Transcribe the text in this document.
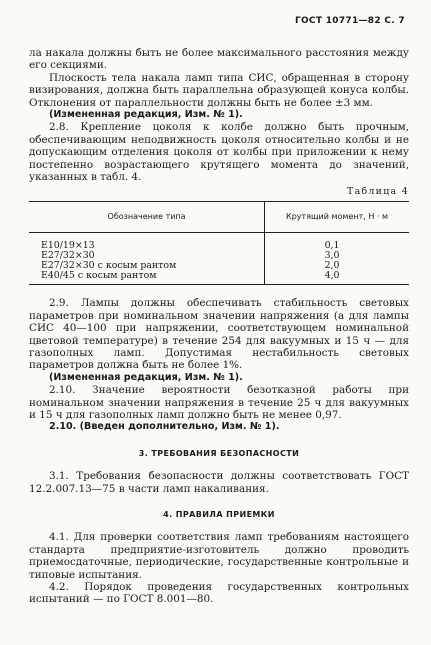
ГОСТ 10771—82 С. 7

ла накала должны быть не более максимального расстояния между его секциями.

Плоскость тела накала ламп типа СИС, обращенная в сторону визирования, должна быть параллельна образующей конуса колбы. Отклонения от параллельности должны быть не более ±3 мм.

(Измененная редакция, Изм. № 1).

2.8. Крепление цоколя к колбе должно быть прочным, обеспечивающим неподвижность цоколя относительно колбы и не допускающим отделения цоколя от колбы при приложении к нему постепенно возрастающего крутящего момента до значений, указанных в табл. 4.

Таблица 4
Обозначение типа	Крутящий момент, Н · м
E10/19×13	0,1
E27/32×30	3,0
E27/32×30 с косым рантом	2,0
E40/45 с косым рантом	4,0

2.9. Лампы должны обеспечивать стабильность световых параметров при номинальном значении напряжения (а для лампы СИС 40—100 при напряжении, соответствующем номинальной цветовой температуре) в течение 254 для вакуумных и 15 ч — для газополных ламп. Допустимая нестабильность световых параметров должна быть не более 1%.

(Измененная редакция, Изм. № 1).

2.10. Значение вероятности безотказной работы при номинальном значении напряжения в течение 25 ч для вакуумных и 15 ч для газополных ламп должно быть не менее 0,97.

2.10. (Введен дополнительно, Изм. № 1).

3. ТРЕБОВАНИЯ БЕЗОПАСНОСТИ

3.1. Требования безопасности должны соответствовать ГОСТ 12.2.007.13—75 в части ламп накаливания.

4. ПРАВИЛА ПРИЕМКИ

4.1. Для проверки соответствия ламп требованиям настоящего стандарта предприятие-изготовитель должно проводить приемосдаточные, периодические, государственные контрольные и типовые испытания.

4.2. Порядок проведения государственных контрольных испытаний — по ГОСТ 8.001—80.
